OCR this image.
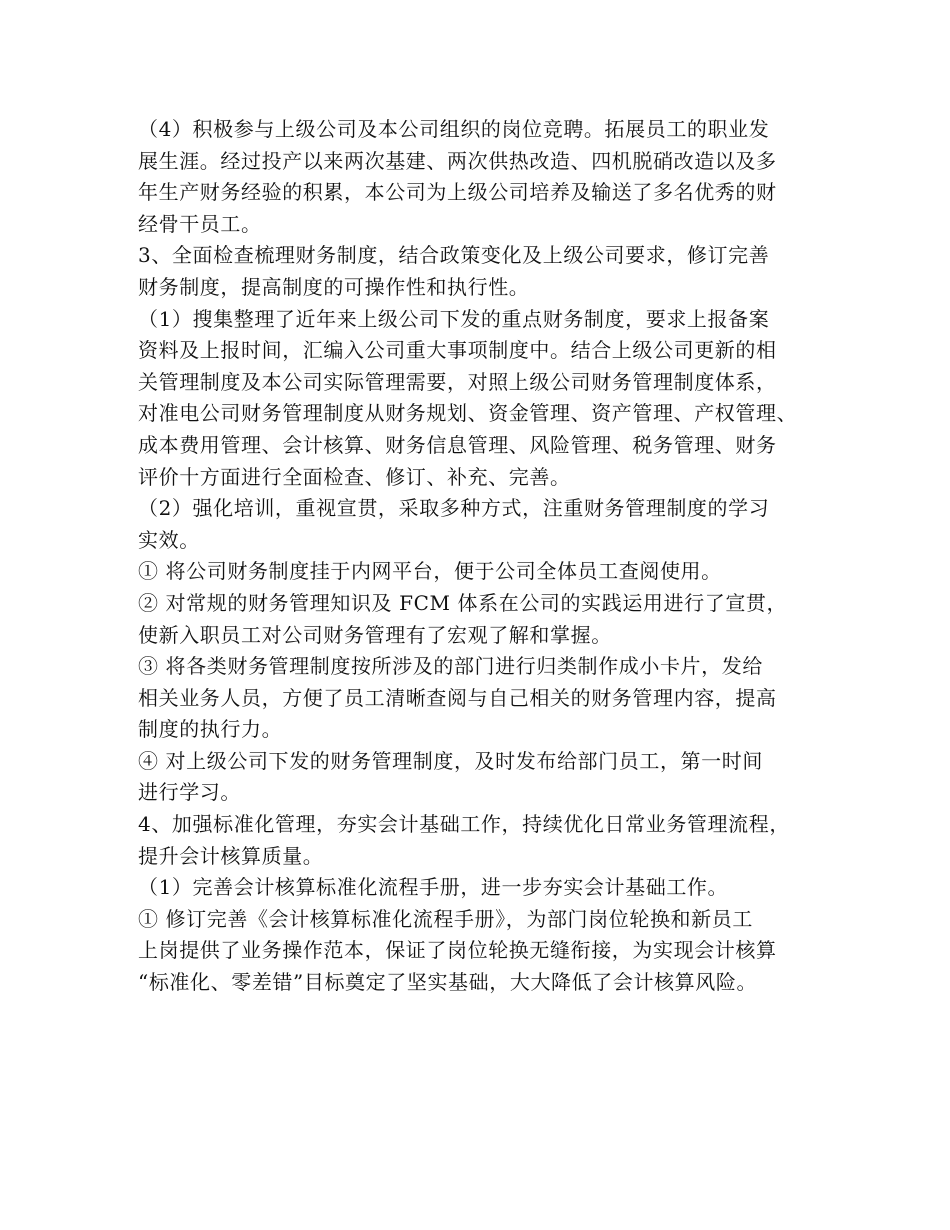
（4）积极参与上级公司及本公司组织的岗位竞聘。拓展员工的职业发
展生涯。经过投产以来两次基建、两次供热改造、四机脱硝改造以及多
年生产财务经验的积累，本公司为上级公司培养及输送了多名优秀的财
经骨干员工。
3、全面检查梳理财务制度，结合政策变化及上级公司要求，修订完善
财务制度，提高制度的可操作性和执行性。
（1）搜集整理了近年来上级公司下发的重点财务制度，要求上报备案
资料及上报时间，汇编入公司重大事项制度中。结合上级公司更新的相
关管理制度及本公司实际管理需要，对照上级公司财务管理制度体系，
对准电公司财务管理制度从财务规划、资金管理、资产管理、产权管理、
成本费用管理、会计核算、财务信息管理、风险管理、税务管理、财务
评价十方面进行全面检查、修订、补充、完善。
（2）强化培训，重视宣贯，采取多种方式，注重财务管理制度的学习
实效。
① 将公司财务制度挂于内网平台，便于公司全体员工查阅使用。
② 对常规的财务管理知识及 FCM 体系在公司的实践运用进行了宣贯，
使新入职员工对公司财务管理有了宏观了解和掌握。
③ 将各类财务管理制度按所涉及的部门进行归类制作成小卡片，发给
相关业务人员，方便了员工清晰查阅与自己相关的财务管理内容，提高
制度的执行力。
④ 对上级公司下发的财务管理制度，及时发布给部门员工，第一时间
进行学习。
4、加强标准化管理，夯实会计基础工作，持续优化日常业务管理流程，
提升会计核算质量。
（1）完善会计核算标准化流程手册，进一步夯实会计基础工作。
① 修订完善《会计核算标准化流程手册》，为部门岗位轮换和新员工
上岗提供了业务操作范本，保证了岗位轮换无缝衔接，为实现会计核算
“标准化、零差错”目标奠定了坚实基础，大大降低了会计核算风险。
